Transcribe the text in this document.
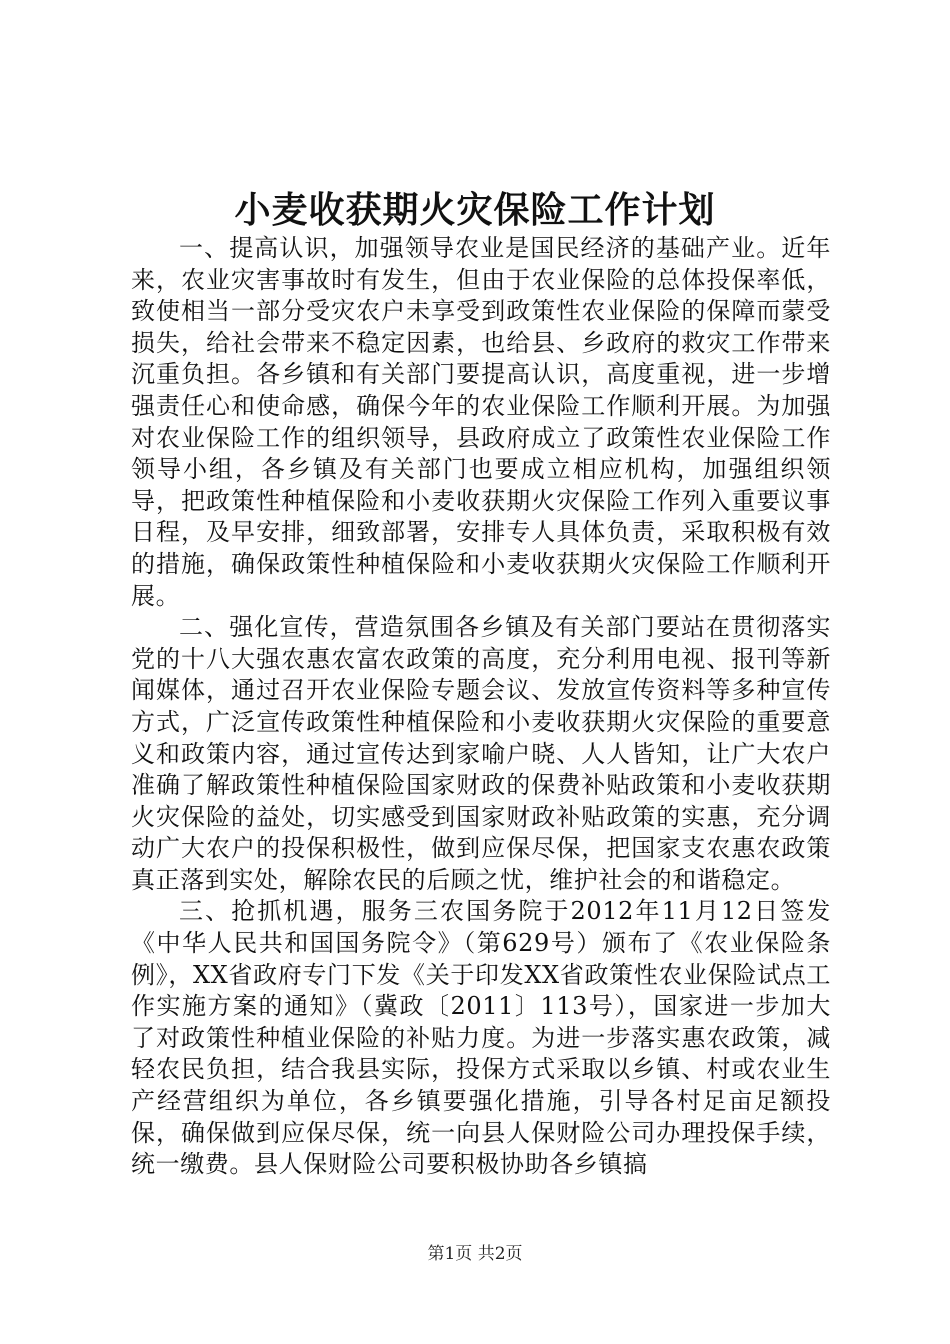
小麦收获期火灾保险工作计划

一、提高认识，加强领导农业是国民经济的基础产业。近年来，农业灾害事故时有发生，但由于农业保险的总体投保率低，致使相当一部分受灾农户未享受到政策性农业保险的保障而蒙受损失，给社会带来不稳定因素，也给县、乡政府的救灾工作带来沉重负担。各乡镇和有关部门要提高认识，高度重视，进一步增强责任心和使命感，确保今年的农业保险工作顺利开展。为加强对农业保险工作的组织领导，县政府成立了政策性农业保险工作领导小组，各乡镇及有关部门也要成立相应机构，加强组织领导，把政策性种植保险和小麦收获期火灾保险工作列入重要议事日程，及早安排，细致部署，安排专人具体负责，采取积极有效的措施，确保政策性种植保险和小麦收获期火灾保险工作顺利开展。

二、强化宣传，营造氛围各乡镇及有关部门要站在贯彻落实党的十八大强农惠农富农政策的高度，充分利用电视、报刊等新闻媒体，通过召开农业保险专题会议、发放宣传资料等多种宣传方式，广泛宣传政策性种植保险和小麦收获期火灾保险的重要意义和政策内容，通过宣传达到家喻户晓、人人皆知，让广大农户准确了解政策性种植保险国家财政的保费补贴政策和小麦收获期火灾保险的益处，切实感受到国家财政补贴政策的实惠，充分调动广大农户的投保积极性，做到应保尽保，把国家支农惠农政策真正落到实处，解除农民的后顾之忧，维护社会的和谐稳定。

三、抢抓机遇，服务三农国务院于2012年11月12日签发《中华人民共和国国务院令》（第629号）颁布了《农业保险条例》，XX省政府专门下发《关于印发XX省政策性农业保险试点工作实施方案的通知》（冀政〔2011〕113号），国家进一步加大了对政策性种植业保险的补贴力度。为进一步落实惠农政策，减轻农民负担，结合我县实际，投保方式采取以乡镇、村或农业生产经营组织为单位，各乡镇要强化措施，引导各村足亩足额投保，确保做到应保尽保，统一向县人保财险公司办理投保手续，统一缴费。县人保财险公司要积极协助各乡镇搞

第1页 共2页
